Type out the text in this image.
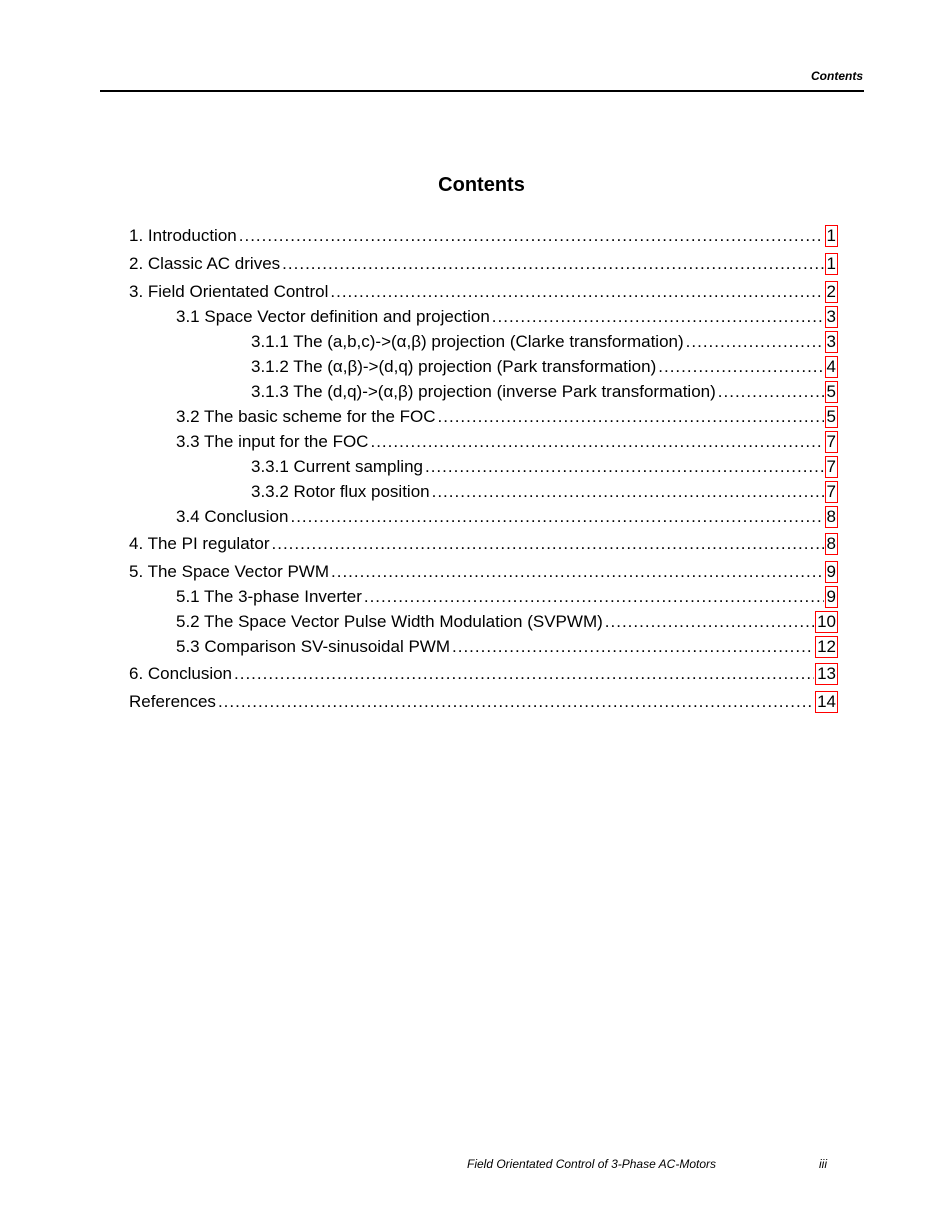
Contents
Contents
1. Introduction .....	1
2. Classic AC drives .....	1
3. Field Orientated Control .....	2
3.1 Space Vector definition and projection .....	3
3.1.1 The (a,b,c)->(α,β) projection (Clarke transformation) .....	3
3.1.2 The (α,β)->(d,q) projection (Park transformation) .....	4
3.1.3 The (d,q)->(α,β) projection (inverse Park transformation) .....	5
3.2 The basic scheme for the FOC .....	5
3.3 The input for the FOC .....	7
3.3.1 Current sampling .....	7
3.3.2 Rotor flux position .....	7
3.4 Conclusion .....	8
4. The PI regulator .....	8
5. The Space Vector PWM .....	9
5.1 The 3-phase Inverter .....	9
5.2 The Space Vector Pulse Width Modulation (SVPWM) .....	10
5.3 Comparison SV-sinusoidal PWM .....	12
6. Conclusion .....	13
References .....	14
Field Orientated Control of 3-Phase AC-Motors	iii
